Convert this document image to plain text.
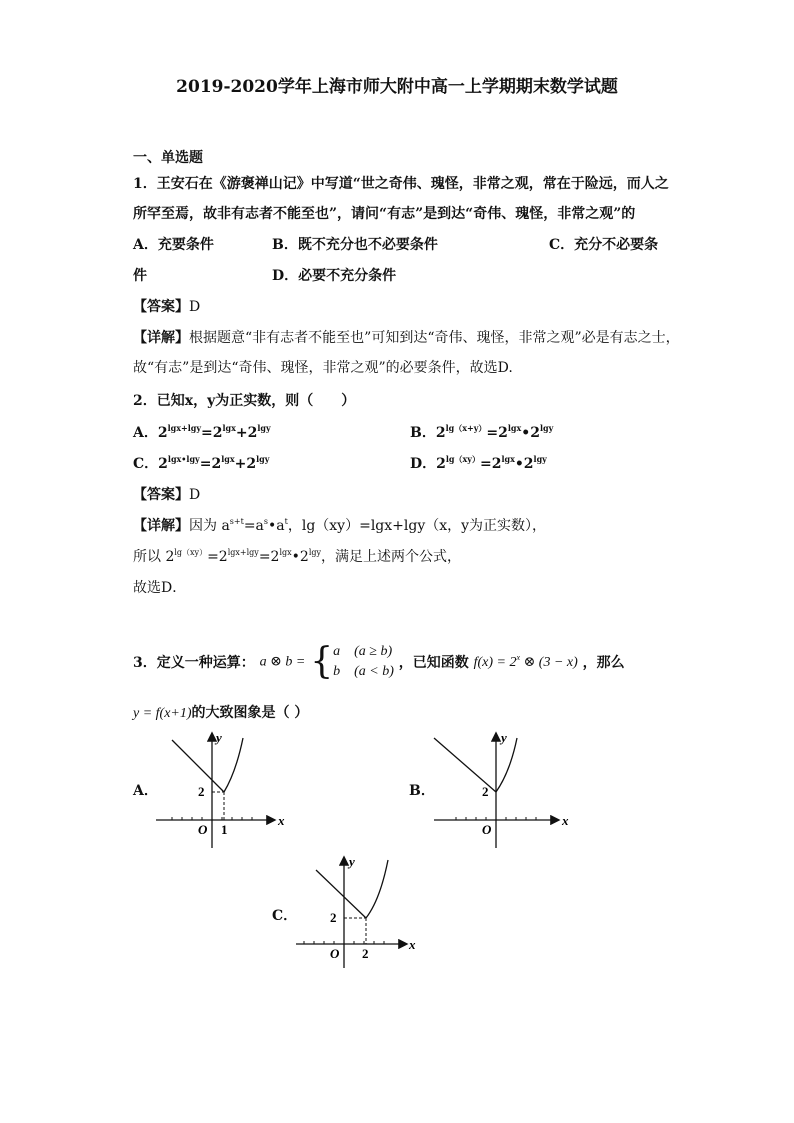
2019-2020学年上海市师大附中高一上学期期末数学试题
一、单选题
1．王安石在《游褒禅山记》中写道“世之奇伟、瑰怪，非常之观，常在于险远，而人之
所罕至焉，故非有志者不能至也”，请问“有志”是到达“奇伟、瑰怪，非常之观”的
A．充要条件	B．既不充分也不必要条件	C．充分不必要条
件	D．必要不充分条件
【答案】D
【详解】根据题意“非有志者不能至也”可知到达“奇伟、瑰怪，非常之观”必是有志之士，
故“有志”是到达“奇伟、瑰怪，非常之观”的必要条件，故选D.
2．已知x，y为正实数，则（　　）
A．$2^{lgx+lgy}=2^{lgx}+2^{lgy}$	B．$2^{lg(x+y)}=2^{lgx}•2^{lgy}$
C．$2^{lgx•lgy}=2^{lgx}+2^{lgy}$	D．$2^{lg(xy)}=2^{lgx}•2^{lgy}$
【答案】D
【详解】因为 $a^{s+t}=a^s•a^t$，lg（xy）=lgx+lgy（x，y为正实数），
所以 $2^{lg(xy)}=2^{lgx+lgy}=2^{lgx}•2^{lgy}$，满足上述两个公式，
故选D．
3．定义一种运算： a ⊗ b = {a　(a ≥ b)
b　(a < b) ，已知函数 $f(x) = 2^x$ ⊗ (3 − x) ，那么
y = f(x+1)的大致图象是（ ）
A．
y
x
O
2
1
B．
y
x
O
2
C．
y
x
O
2
2
